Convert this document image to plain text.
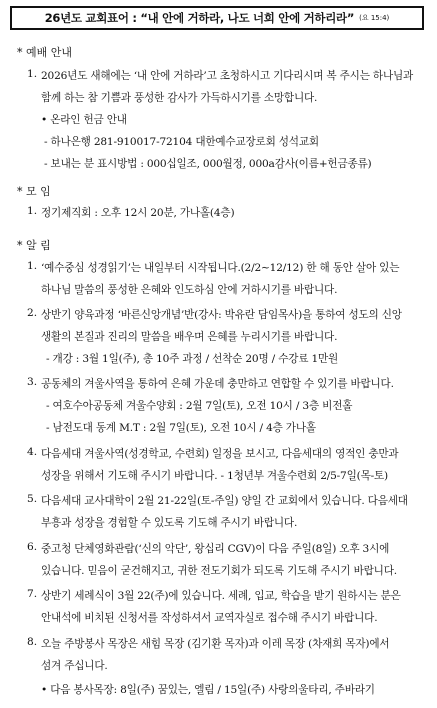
26년도 교회표어 : “내 안에 거하라, 나도 너희 안에 거하리라” (요 15:4)
* 예배 안내
1. 2026년도 새해에는 ‘내 안에 거하라’고 초청하시고 기다리시며 복 주시는 하나님과
함께 하는 참 기쁨과 풍성한 감사가 가득하시기를 소망합니다.
• 온라인 헌금 안내
- 하나은행 281-910017-72104 대한예수교장로회 성석교회
- 보내는 분 표시방법 : 000십일조, 000월정, 000a감사(이름+헌금종류)
* 모 임
1. 정기제직회 : 오후 12시 20분, 가나홀(4층)
* 알 림
1. ‘예수중심 성경읽기’는 내일부터 시작됩니다.(2/2∼12/12) 한 해 동안 살아 있는
하나님 말씀의 풍성한 은혜와 인도하심 안에 거하시기를 바랍니다.
2. 상반기 양육과정 ‘바른신앙개념’반(강사: 박유란 담임목사)을 통하여 성도의 신앙
생활의 본질과 진리의 말씀을 배우며 은혜를 누리시기를 바랍니다.
- 개강 : 3월 1일(주), 총 10주 과정 / 선착순 20명 / 수강료 1만원
3. 공동체의 겨울사역을 통하여 은혜 가운데 충만하고 연합할 수 있기를 바랍니다.
- 여호수아공동체 겨울수양회 : 2월 7일(토), 오전 10시 / 3층 비전홀
- 남전도대 동계 M.T : 2월 7일(토), 오전 10시 / 4층 가나홀
4. 다음세대 겨울사역(성경학교, 수련회) 일정을 보시고, 다음세대의 영적인 충만과
성장을 위해서 기도해 주시기 바랍니다. - 1청년부 겨울수련회 2/5-7일(목-토)
5. 다음세대 교사대학이 2월 21-22일(토-주일) 양일 간 교회에서 있습니다. 다음세대
부흥과 성장을 경험할 수 있도록 기도해 주시기 바랍니다.
6. 중고청 단체영화관람(‘신의 악단’, 왕십리 CGV)이 다음 주일(8일) 오후 3시에
있습니다. 믿음이 굳건해지고, 귀한 전도기회가 되도록 기도해 주시기 바랍니다.
7. 상반기 세례식이 3월 22(주)에 있습니다. 세례, 입교, 학습을 받기 원하시는 분은
안내석에 비치된 신청서를 작성하셔서 교역자실로 접수해 주시기 바랍니다.
8. 오늘 주방봉사 목장은 새힘 목장 (김기환 목자)과 이레 목장 (차재희 목자)에서
섬겨 주십니다.
• 다음 봉사목장: 8일(주) 꿈있는, 엘림 / 15일(주) 사랑의울타리, 주바라기
